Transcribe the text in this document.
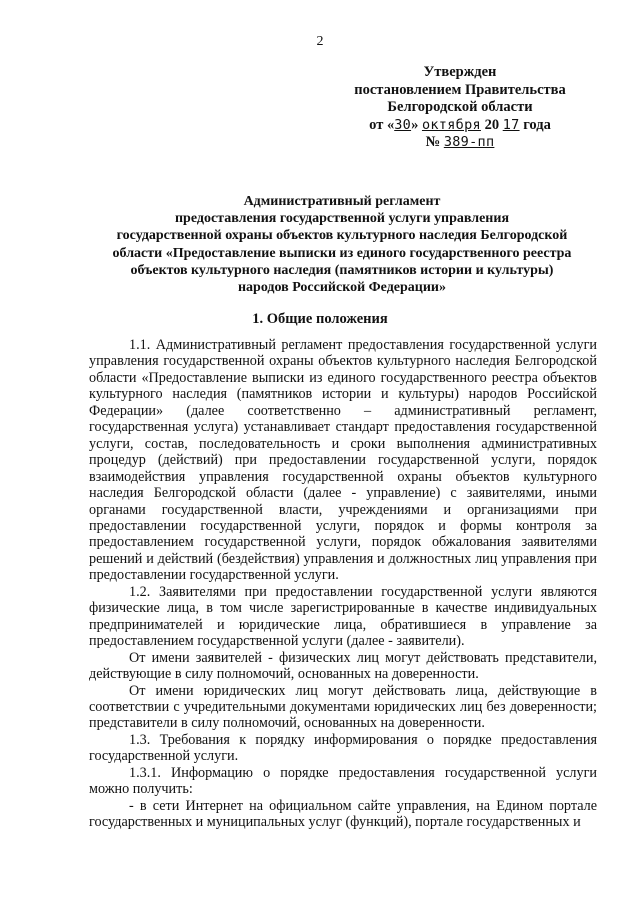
2
Утвержден
постановлением Правительства
Белгородской области
от «30» октября 20 17 года
№ 389-пп
Административный регламент
предоставления государственной услуги управления
государственной охраны объектов культурного наследия Белгородской
области «Предоставление выписки из единого государственного реестра
объектов культурного наследия (памятников истории и культуры)
народов Российской Федерации»
1. Общие положения

1.1. Административный регламент предоставления государственной услуги управления государственной охраны объектов культурного наследия Белгородской области «Предоставление выписки из единого государственного реестра объектов культурного наследия (памятников истории и культуры) народов Российской Федерации» (далее соответственно – административный регламент, государственная услуга) устанавливает стандарт предоставления государственной услуги, состав, последовательность и сроки выполнения административных процедур (действий) при предоставлении государственной услуги, порядок взаимодействия управления государственной охраны объектов культурного наследия Белгородской области (далее - управление) с заявителями, иными органами государственной власти, учреждениями и организациями при предоставлении государственной услуги, порядок и формы контроля за предоставлением государственной услуги, порядок обжалования заявителями решений и действий (бездействия) управления и должностных лиц управления при предоставлении государственной услуги.

1.2. Заявителями при предоставлении государственной услуги являются физические лица, в том числе зарегистрированные в качестве индивидуальных предпринимателей и юридические лица, обратившиеся в управление за предоставлением государственной услуги (далее - заявители).

От имени заявителей - физических лиц могут действовать представители, действующие в силу полномочий, основанных на доверенности.

От имени юридических лиц могут действовать лица, действующие в соответствии с учредительными документами юридических лиц без доверенности; представители в силу полномочий, основанных на доверенности.

1.3. Требования к порядку информирования о порядке предоставления государственной услуги.

1.3.1. Информацию о порядке предоставления государственной услуги можно получить:

- в сети Интернет на официальном сайте управления, на Едином портале государственных и муниципальных услуг (функций), портале государственных и
